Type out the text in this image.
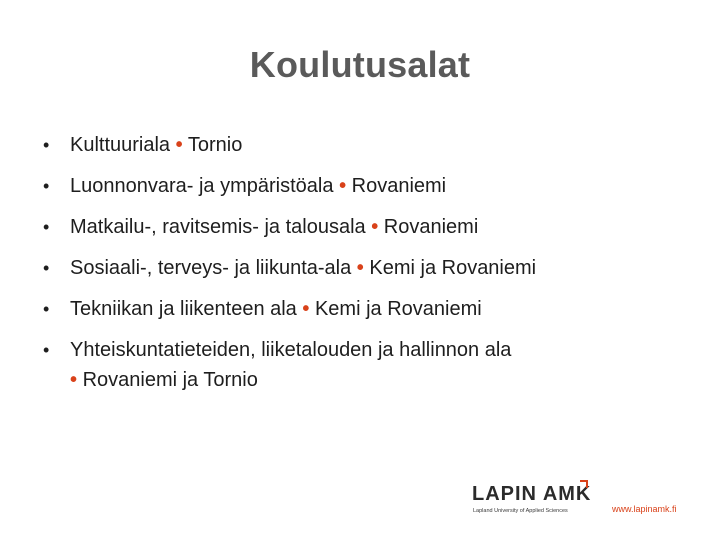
Koulutusalat
• Kulttuuriala • Tornio
• Luonnonvara- ja ympäristöala • Rovaniemi
• Matkailu-, ravitsemis- ja talousala • Rovaniemi
• Sosiaali-, terveys- ja liikunta-ala • Kemi ja Rovaniemi
• Tekniikan ja liikenteen ala • Kemi ja Rovaniemi
• Yhteiskuntatieteiden, liiketalouden ja hallinnon ala
• Rovaniemi ja Tornio
LAPIN AMK
Lapland University of Applied Sciences	www.lapinamk.fi
